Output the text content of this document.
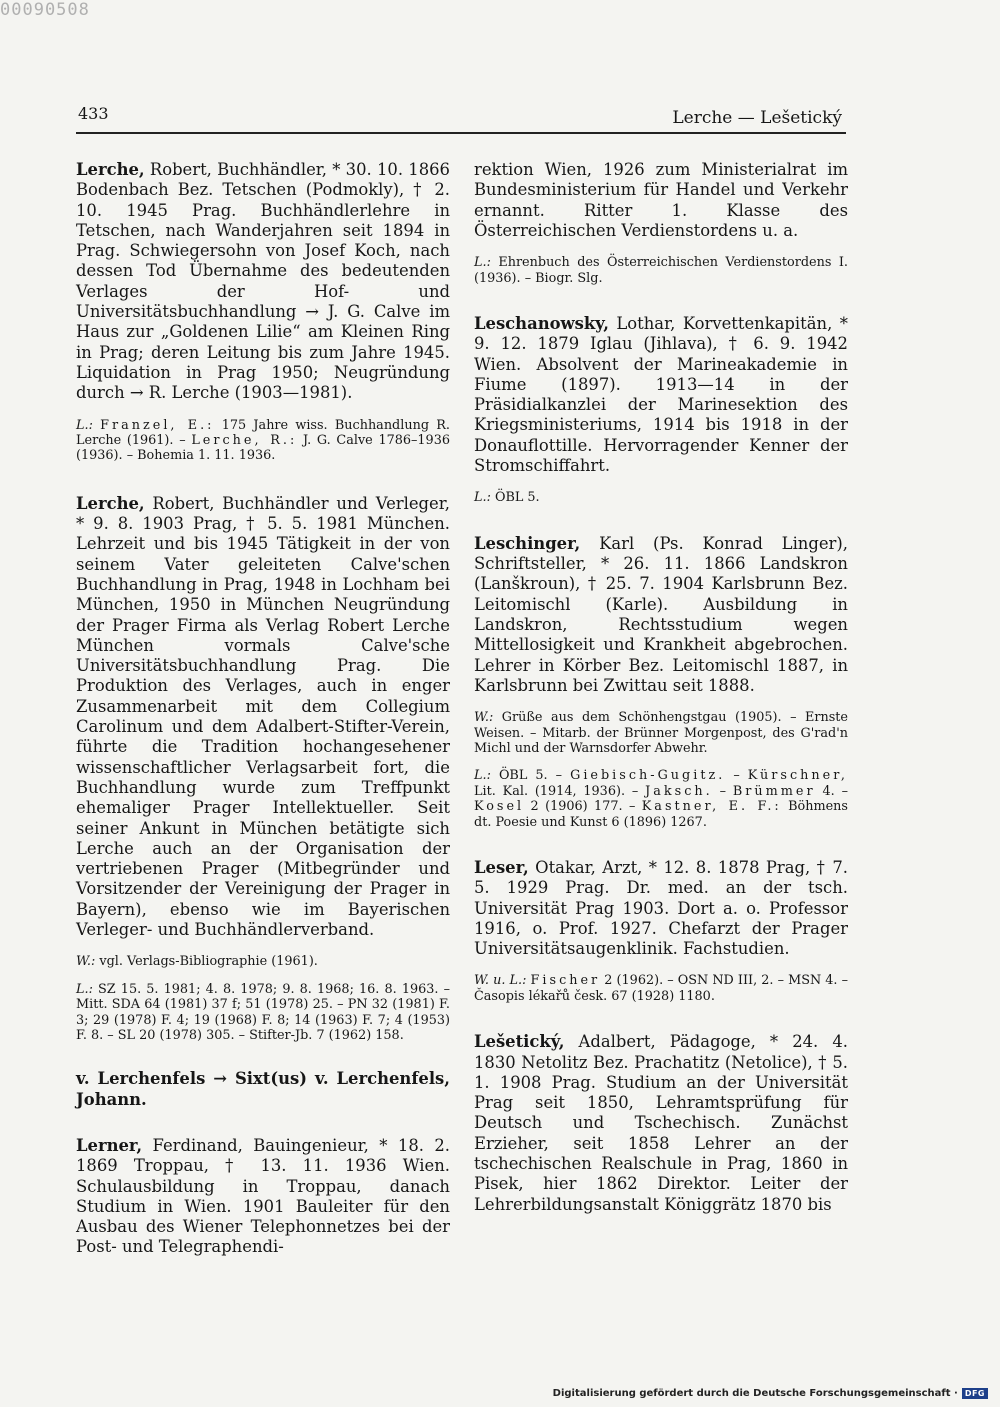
00090508
433	Lerche — Lešetický

Lerche, Robert, Buchhändler, * 30. 10. 1866 Bodenbach Bez. Tetschen (Podmokly), † 2. 10. 1945 Prag. Buchhändlerlehre in Tetschen, nach Wanderjahren seit 1894 in Prag. Schwiegersohn von Josef Koch, nach dessen Tod Übernahme des bedeutenden Verlages der Hof- und Universitätsbuchhandlung → J. G. Calve im Haus zur „Goldenen Lilie“ am Kleinen Ring in Prag; deren Leitung bis zum Jahre 1945. Liquidation in Prag 1950; Neugründung durch → R. Lerche (1903—1981).

L.: Franzel, E.: 175 Jahre wiss. Buchhandlung R. Lerche (1961). – Lerche, R.: J. G. Calve 1786–1936 (1936). – Bohemia 1. 11. 1936.

Lerche, Robert, Buchhändler und Verleger, * 9. 8. 1903 Prag, † 5. 5. 1981 München. Lehrzeit und bis 1945 Tätigkeit in der von seinem Vater geleiteten Calve'schen Buchhandlung in Prag, 1948 in Lochham bei München, 1950 in München Neugründung der Prager Firma als Verlag Robert Lerche München vormals Calve'sche Universitätsbuchhandlung Prag. Die Produktion des Verlages, auch in enger Zusammenarbeit mit dem Collegium Carolinum und dem Adalbert-Stifter-Verein, führte die Tradition hochangesehener wissenschaftlicher Verlagsarbeit fort, die Buchhandlung wurde zum Treffpunkt ehemaliger Prager Intellektueller. Seit seiner Ankunt in München betätigte sich Lerche auch an der Organisation der vertriebenen Prager (Mitbegründer und Vorsitzender der Vereinigung der Prager in Bayern), ebenso wie im Bayerischen Verleger- und Buchhändlerverband.

W.: vgl. Verlags-Bibliographie (1961).

L.: SZ 15. 5. 1981; 4. 8. 1978; 9. 8. 1968; 16. 8. 1963. – Mitt. SDA 64 (1981) 37 f; 51 (1978) 25. – PN 32 (1981) F. 3; 29 (1978) F. 4; 19 (1968) F. 8; 14 (1963) F. 7; 4 (1953) F. 8. – SL 20 (1978) 305. – Stifter-Jb. 7 (1962) 158.

v. Lerchenfels → Sixt(us) v. Lerchenfels, Johann.

Lerner, Ferdinand, Bauingenieur, * 18. 2. 1869 Troppau, † 13. 11. 1936 Wien. Schulausbildung in Troppau, danach Studium in Wien. 1901 Bauleiter für den Ausbau des Wiener Telephonnetzes bei der Post- und Telegraphendi-

rektion Wien, 1926 zum Ministerialrat im Bundesministerium für Handel und Verkehr ernannt. Ritter 1. Klasse des Österreichischen Verdienstordens u. a.

L.: Ehrenbuch des Österreichischen Verdienstordens I. (1936). – Biogr. Slg.

Leschanowsky, Lothar, Korvettenkapitän, * 9. 12. 1879 Iglau (Jihlava), † 6. 9. 1942 Wien. Absolvent der Marineakademie in Fiume (1897). 1913—14 in der Präsidialkanzlei der Marinesektion des Kriegsministeriums, 1914 bis 1918 in der Donauflottille. Hervorragender Kenner der Stromschiffahrt.

L.: ÖBL 5.

Leschinger, Karl (Ps. Konrad Linger), Schriftsteller, * 26. 11. 1866 Landskron (Lanškroun), † 25. 7. 1904 Karlsbrunn Bez. Leitomischl (Karle). Ausbildung in Landskron, Rechtsstudium wegen Mittellosigkeit und Krankheit abgebrochen. Lehrer in Körber Bez. Leitomischl 1887, in Karlsbrunn bei Zwittau seit 1888.

W.: Grüße aus dem Schönhengstgau (1905). – Ernste Weisen. – Mitarb. der Brünner Morgenpost, des G'rad'n Michl und der Warnsdorfer Abwehr.

L.: ÖBL 5. – Giebisch-Gugitz. – Kürschner, Lit. Kal. (1914, 1936). – Jaksch. – Brümmer 4. – Kosel 2 (1906) 177. – Kastner, E. F.: Böhmens dt. Poesie und Kunst 6 (1896) 1267.

Leser, Otakar, Arzt, * 12. 8. 1878 Prag, † 7. 5. 1929 Prag. Dr. med. an der tsch. Universität Prag 1903. Dort a. o. Professor 1916, o. Prof. 1927. Chefarzt der Prager Universitätsaugenklinik. Fachstudien.

W. u. L.: Fischer 2 (1962). – OSN ND III, 2. – MSN 4. – Časopis lékařů česk. 67 (1928) 1180.

Lešetický, Adalbert, Pädagoge, * 24. 4. 1830 Netolitz Bez. Prachatitz (Netolice), † 5. 1. 1908 Prag. Studium an der Universität Prag seit 1850, Lehramtsprüfung für Deutsch und Tschechisch. Zunächst Erzieher, seit 1858 Lehrer an der tschechischen Realschule in Prag, 1860 in Pisek, hier 1862 Direktor. Leiter der Lehrerbildungsanstalt Königgrätz 1870 bis

Digitalisierung gefördert durch die Deutsche Forschungsgemeinschaft · DFG
